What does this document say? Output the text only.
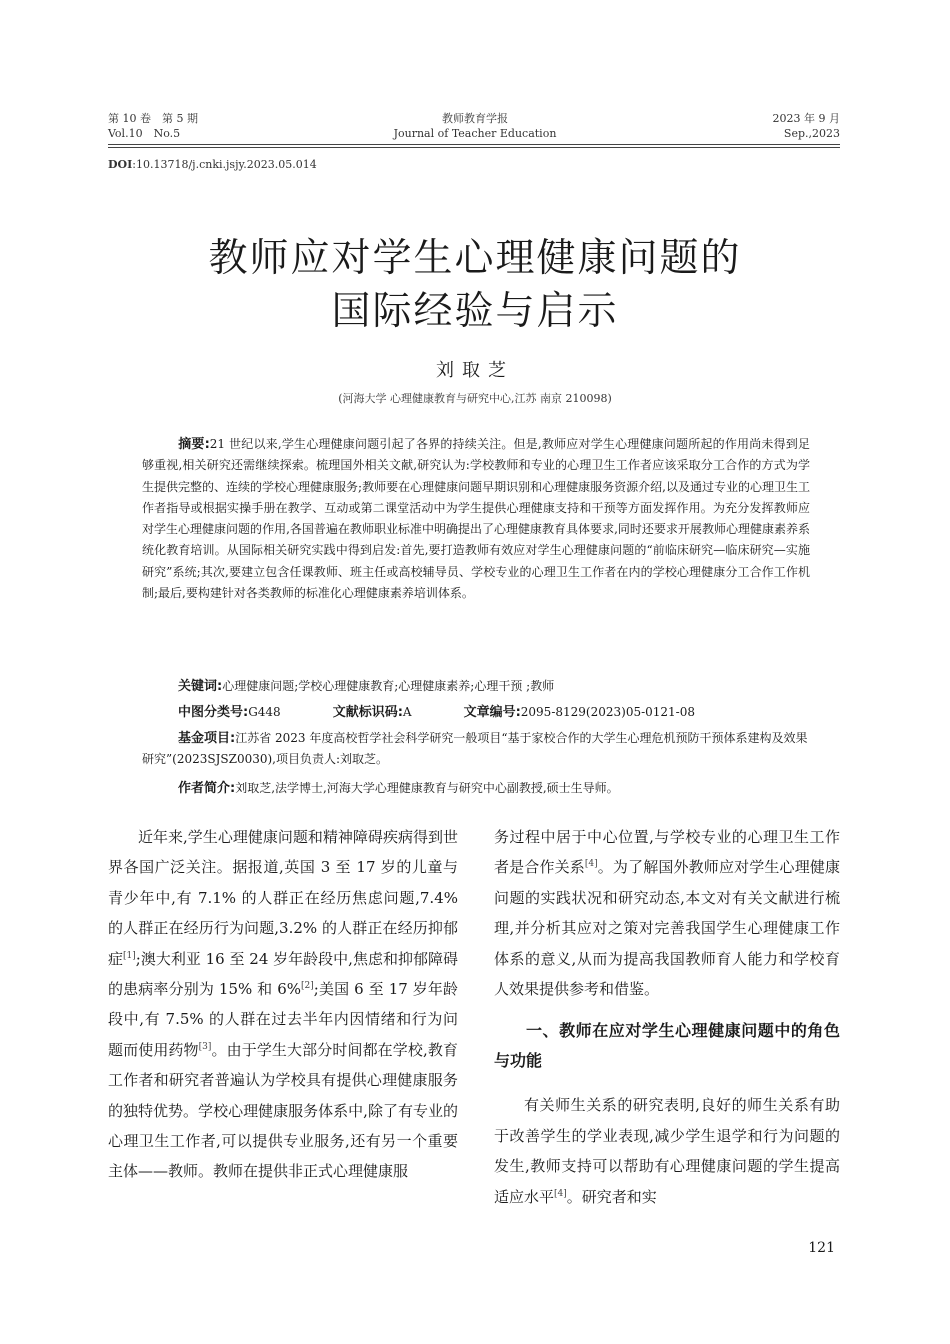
第 10 卷　第 5 期
Vol.10　No.5
教师教育学报
Journal of Teacher Education
2023 年 9 月
Sep.,2023
DOI:10.13718/j.cnki.jsjy.2023.05.014
教师应对学生心理健康问题的
国际经验与启示
刘取芝
(河海大学 心理健康教育与研究中心,江苏 南京 210098)
摘要:21 世纪以来,学生心理健康问题引起了各界的持续关注。但是,教师应对学生心理健康问题所起的作用尚未得到足够重视,相关研究还需继续探索。梳理国外相关文献,研究认为:学校教师和专业的心理卫生工作者应该采取分工合作的方式为学生提供完整的、连续的学校心理健康服务;教师要在心理健康问题早期识别和心理健康服务资源介绍,以及通过专业的心理卫生工作者指导或根据实操手册在教学、互动或第二课堂活动中为学生提供心理健康支持和干预等方面发挥作用。为充分发挥教师应对学生心理健康问题的作用,各国普遍在教师职业标准中明确提出了心理健康教育具体要求,同时还要求开展教师心理健康素养系统化教育培训。从国际相关研究实践中得到启发:首先,要打造教师有效应对学生心理健康问题的“前临床研究—临床研究—实施研究”系统;其次,要建立包含任课教师、班主任或高校辅导员、学校专业的心理卫生工作者在内的学校心理健康分工合作工作机制;最后,要构建针对各类教师的标准化心理健康素养培训体系。
关键词:心理健康问题;学校心理健康教育;心理健康素养;心理干预 ;教师
中图分类号:G448	文献标识码:A	文章编号:2095-8129(2023)05-0121-08
基金项目:江苏省 2023 年度高校哲学社会科学研究一般项目“基于家校合作的大学生心理危机预防干预体系建构及效果研究”(2023SJSZ0030),项目负责人:刘取芝。
作者简介:刘取芝,法学博士,河海大学心理健康教育与研究中心副教授,硕士生导师。

近年来,学生心理健康问题和精神障碍疾病得到世界各国广泛关注。据报道,英国 3 至 17 岁的儿童与青少年中,有 7.1% 的人群正在经历焦虑问题,7.4% 的人群正在经历行为问题,3.2% 的人群正在经历抑郁症[1];澳大利亚 16 至 24 岁年龄段中,焦虑和抑郁障碍的患病率分别为 15% 和 6%[2];美国 6 至 17 岁年龄段中,有 7.5% 的人群在过去半年内因情绪和行为问题而使用药物[3]。由于学生大部分时间都在学校,教育工作者和研究者普遍认为学校具有提供心理健康服务的独特优势。学校心理健康服务体系中,除了有专业的心理卫生工作者,可以提供专业服务,还有另一个重要主体——教师。教师在提供非正式心理健康服

务过程中居于中心位置,与学校专业的心理卫生工作者是合作关系[4]。为了解国外教师应对学生心理健康问题的实践状况和研究动态,本文对有关文献进行梳理,并分析其应对之策对完善我国学生心理健康工作体系的意义,从而为提高我国教师育人能力和学校育人效果提供参考和借鉴。

一、教师在应对学生心理健康问题中的角色与功能

有关师生关系的研究表明,良好的师生关系有助于改善学生的学业表现,减少学生退学和行为问题的发生,教师支持可以帮助有心理健康问题的学生提高适应水平[4]。研究者和实

121
